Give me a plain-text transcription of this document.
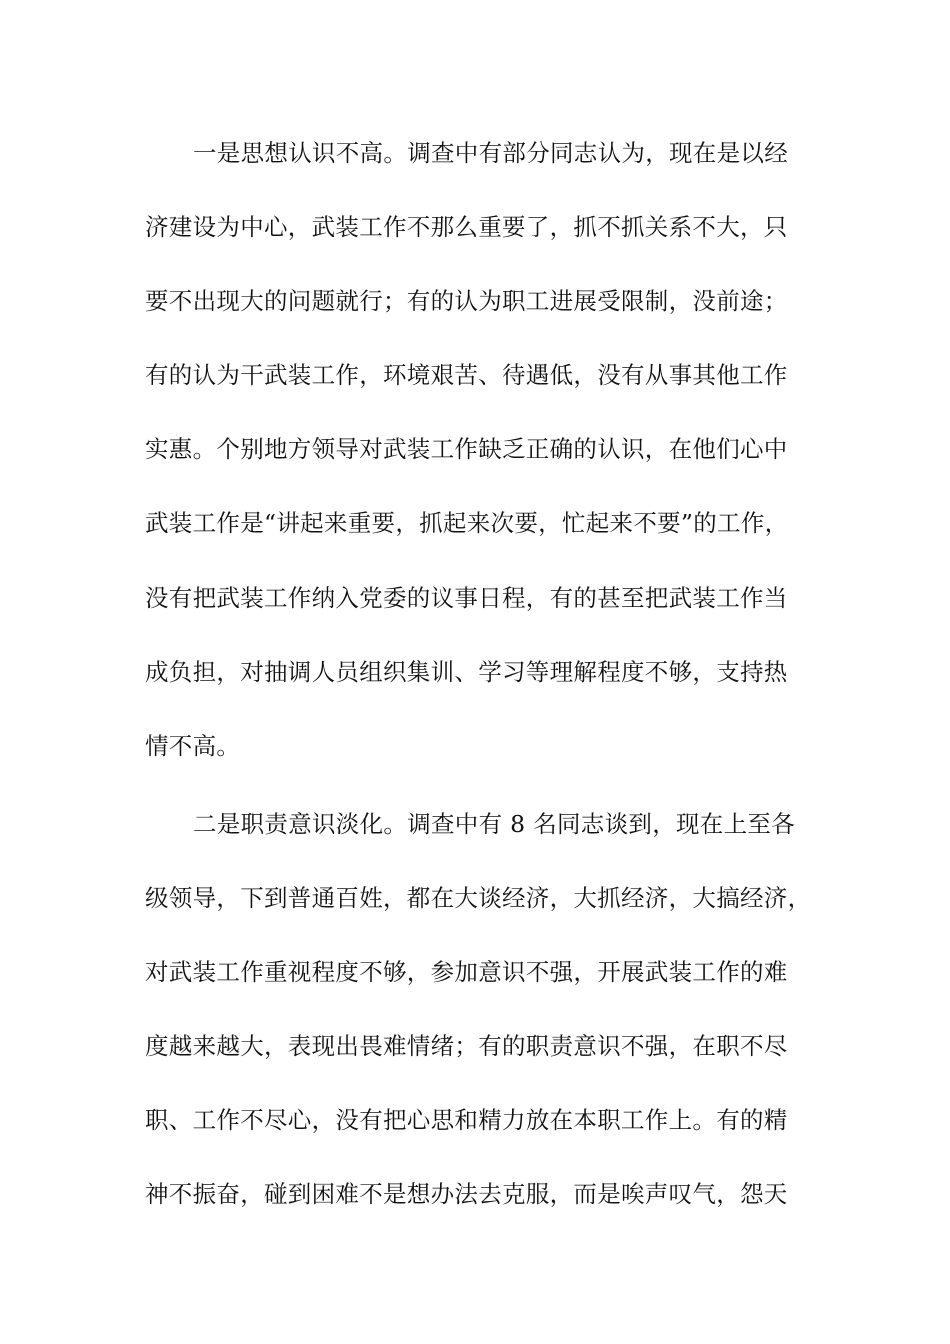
一是思想认识不高。调查中有部分同志认为，现在是以经
济建设为中心，武装工作不那么重要了，抓不抓关系不大，只
要不出现大的问题就行；有的认为职工进展受限制，没前途；
有的认为干武装工作，环境艰苦、待遇低，没有从事其他工作
实惠。个别地方领导对武装工作缺乏正确的认识，在他们心中
武装工作是“讲起来重要，抓起来次要，忙起来不要”的工作，
没有把武装工作纳入党委的议事日程，有的甚至把武装工作当
成负担，对抽调人员组织集训、学习等理解程度不够，支持热
情不高。
二是职责意识淡化。调查中有 8 名同志谈到，现在上至各
级领导，下到普通百姓，都在大谈经济，大抓经济，大搞经济，
对武装工作重视程度不够，参加意识不强，开展武装工作的难
度越来越大，表现出畏难情绪；有的职责意识不强，在职不尽
职、工作不尽心，没有把心思和精力放在本职工作上。有的精
神不振奋，碰到困难不是想办法去克服，而是唉声叹气，怨天
